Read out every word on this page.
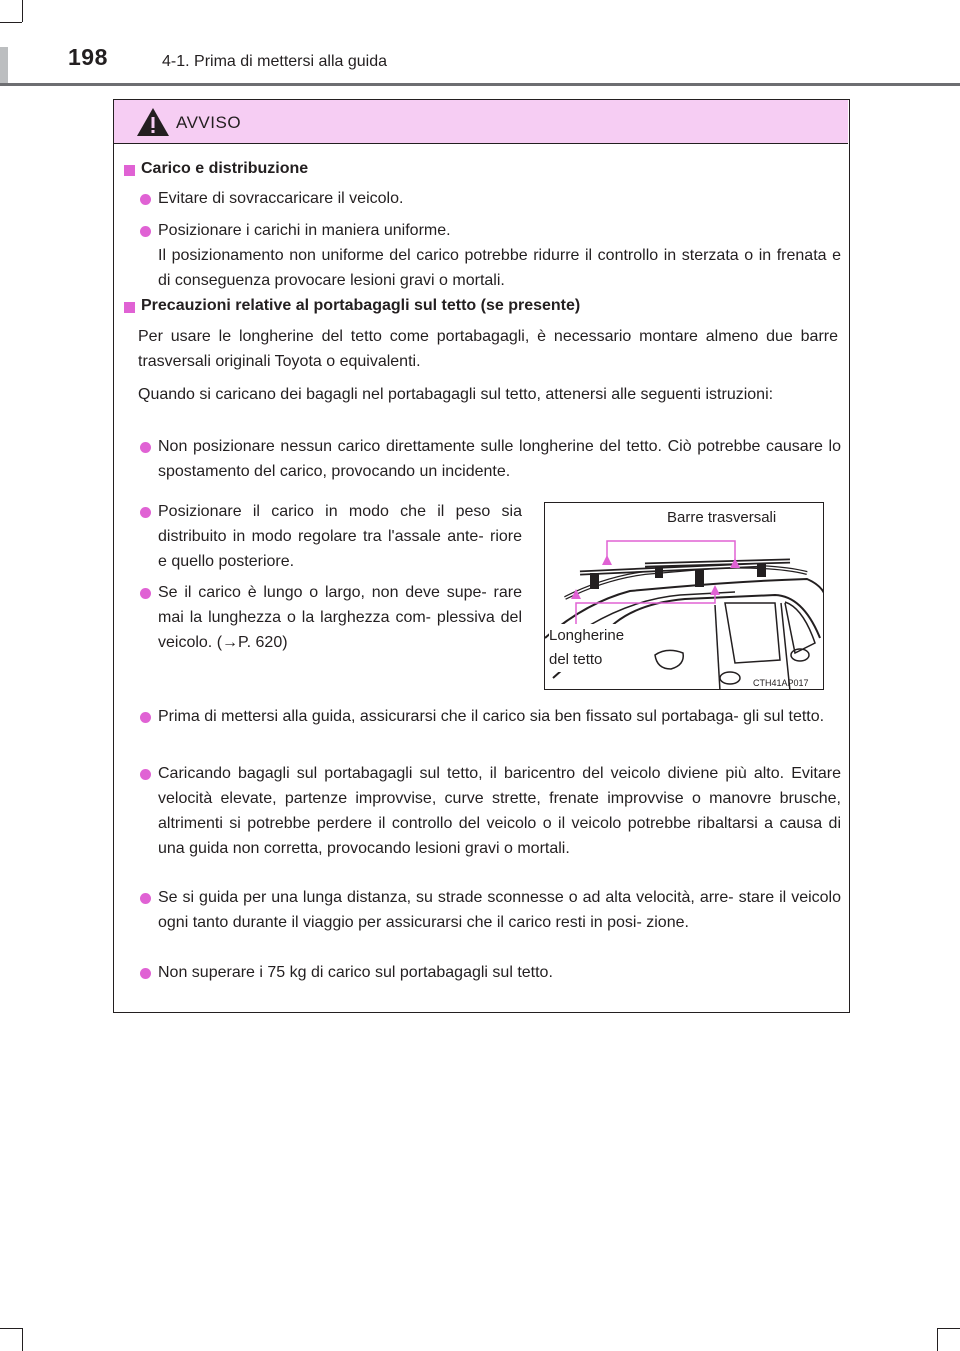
198	4-1. Prima di mettersi alla guida
AVVISO
Carico e distribuzione
Evitare di sovraccaricare il veicolo.
Posizionare i carichi in maniera uniforme.
Il posizionamento non uniforme del carico potrebbe ridurre il controllo in sterzata o in frenata e di conseguenza provocare lesioni gravi o mortali.
Precauzioni relative al portabagagli sul tetto (se presente)
Per usare le longherine del tetto come portabagagli, è necessario montare almeno due barre trasversali originali Toyota o equivalenti.
Quando si caricano dei bagagli nel portabagagli sul tetto, attenersi alle seguenti istruzioni:
Non posizionare nessun carico direttamente sulle longherine del tetto. Ciò potrebbe causare lo spostamento del carico, provocando un incidente.
Posizionare il carico in modo che il peso sia distribuito in modo regolare tra l'assale ante- riore e quello posteriore.
Se il carico è lungo o largo, non deve supe- rare mai la lunghezza o la larghezza com- plessiva del veicolo. (→P. 620)
Barre trasversali
Longherine
del tetto
CTH41AP017
Prima di mettersi alla guida, assicurarsi che il carico sia ben fissato sul portabaga- gli sul tetto.
Caricando bagagli sul portabagagli sul tetto, il baricentro del veicolo diviene più alto. Evitare velocità elevate, partenze improvvise, curve strette, frenate improvvise o manovre brusche, altrimenti si potrebbe perdere il controllo del veicolo o il veicolo potrebbe ribaltarsi a causa di una guida non corretta, provocando lesioni gravi o mortali.
Se si guida per una lunga distanza, su strade sconnesse o ad alta velocità, arre- stare il veicolo ogni tanto durante il viaggio per assicurarsi che il carico resti in posi- zione.
Non superare i 75 kg di carico sul portabagagli sul tetto.
